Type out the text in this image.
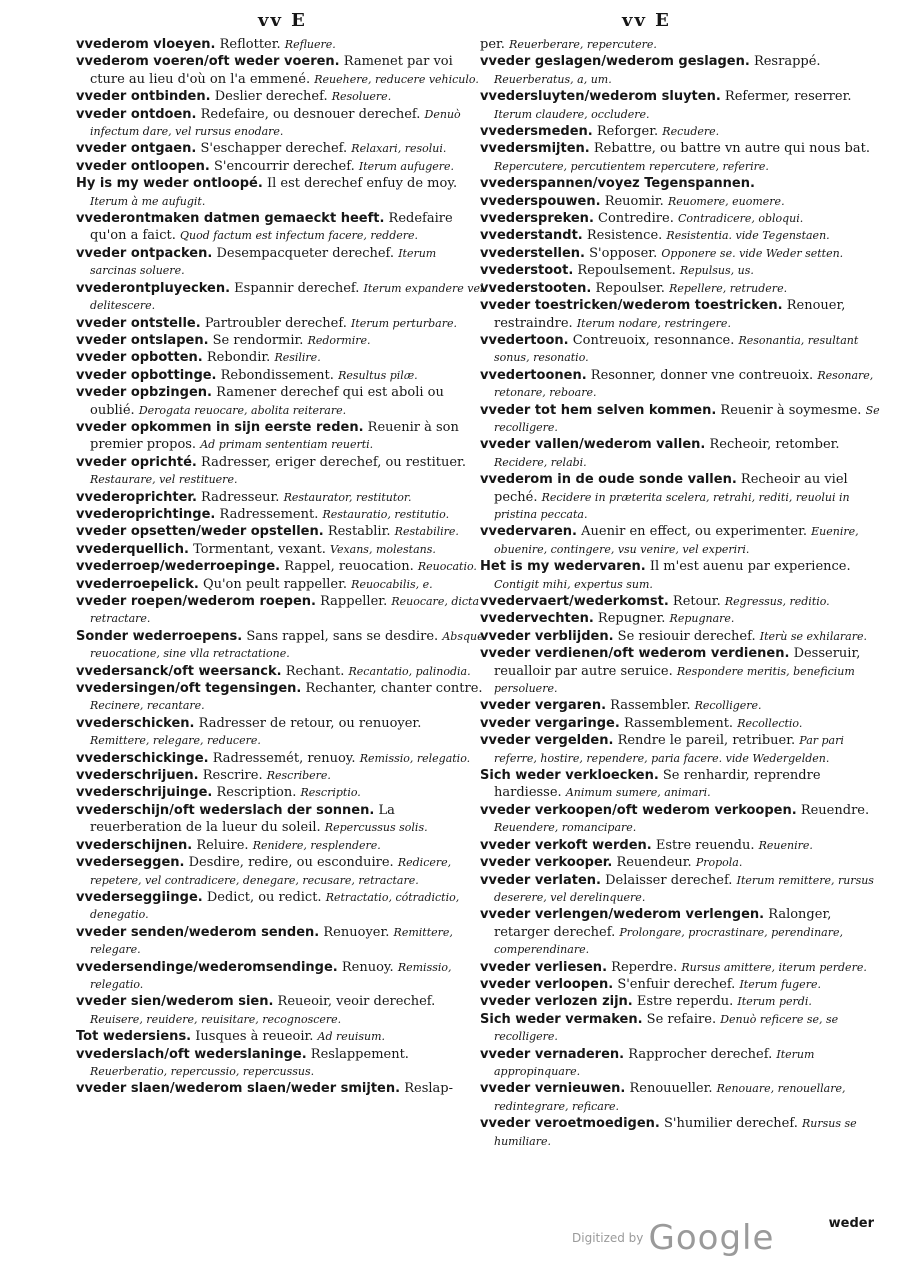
vv E	vv E

vvederom vloeyen. Reflotter. Refluere.

vvederom voeren/oft weder voeren. Ramenet par voi cture au lieu d'où on l'a emmené. Reuehere, reducere vehiculo.

vveder ontbinden. Deslier derechef. Resoluere.

vveder ontdoen. Redefaire, ou desnouer derechef. Denuò infectum dare, vel rursus enodare.

vveder ontgaen. S'eschapper derechef. Relaxari, resolui.

vveder ontloopen. S'encourrir derechef. Iterum aufugere.

Hy is my weder ontloopé. Il est derechef enfuy de moy. Iterum à me aufugit.

vvederontmaken datmen gemaeckt heeft. Redefaire qu'on a faict. Quod factum est infectum facere, reddere.

vveder ontpacken. Desempacqueter derechef. Iterum sarcinas soluere.

vvederontpluyecken. Espannir derechef. Iterum expandere vel delitescere.

vveder ontstelle. Partroubler derechef. Iterum perturbare.

vveder ontslapen. Se rendormir. Redormire.

vveder opbotten. Rebondir. Resilire.

vveder opbottinge. Rebondissement. Resultus pilæ.

vveder opbzingen. Ramener derechef qui est aboli ou oublié. Derogata reuocare, abolita reiterare.

vveder opkommen in sijn eerste reden. Reuenir à son premier propos. Ad primam sententiam reuerti.

vveder oprichté. Radresser, eriger derechef, ou restituer. Restaurare, vel restituere.

vvederoprichter. Radresseur. Restaurator, restitutor.

vvederoprichtinge. Radressement. Restauratio, restitutio.

vveder opsetten/weder opstellen. Restablir. Restabilire.

vvederquellich. Tormentant, vexant. Vexans, molestans.

vvederroep/wederroepinge. Rappel, reuocation. Reuocatio.

vvederroepelick. Qu'on peult rappeller. Reuocabilis, e.

vveder roepen/wederom roepen. Rappeller. Reuocare, dicta retractare.

Sonder wederroepens. Sans rappel, sans se desdire. Absque reuocatione, sine vlla retractatione.

vvedersanck/oft weersanck. Rechant. Recantatio, palinodia.

vvedersingen/oft tegensingen. Rechanter, chanter contre. Recinere, recantare.

vvederschicken. Radresser de retour, ou renuoyer. Remittere, relegare, reducere.

vvederschickinge. Radressemét, renuoy. Remissio, relegatio.

vvederschrijuen. Rescrire. Rescribere.

vvederschrijuinge. Rescription. Rescriptio.

vvederschijn/oft wederslach der sonnen. La reuerberation de la lueur du soleil. Repercussus solis.

vvederschijnen. Reluire. Renidere, resplendere.

vvederseggen. Desdire, redire, ou esconduire. Redicere, repetere, vel contradicere, denegare, recusare, retractare.

vvederseggiinge. Dedict, ou redict. Retractatio, cótradictio, denegatio.

vveder senden/wederom senden. Renuoyer. Remittere, relegare.

vvedersendinge/wederomsendinge. Renuoy. Remissio, relegatio.

vveder sien/wederom sien. Reueoir, veoir derechef. Reuisere, reuidere, reuisitare, recognoscere.

Tot wedersiens. Iusques à reueoir. Ad reuisum.

vvederslach/oft wederslaninge. Reslappement. Reuerberatio, repercussio, repercussus.

vveder slaen/wederom slaen/weder smijten. Reslap-

per. Reuerberare, repercutere.

vveder geslagen/wederom geslagen. Resrappé. Reuerberatus, a, um.

vvedersluyten/wederom sluyten. Refermer, reserrer. Iterum claudere, occludere.

vvedersmeden. Reforger. Recudere.

vvedersmijten. Rebattre, ou battre vn autre qui nous bat. Repercutere, percutientem repercutere, referire.

vvederspannen/voyez Tegenspannen.

vvederspouwen. Reuomir. Reuomere, euomere.

vvederspreken. Contredire. Contradicere, obloqui.

vvederstandt. Resistence. Resistentia. vide Tegenstaen.

vvederstellen. S'opposer. Opponere se. vide Weder setten.

vvederstoot. Repoulsement. Repulsus, us.

vvederstooten. Repoulser. Repellere, retrudere.

vveder toestricken/wederom toestricken. Renouer, restraindre. Iterum nodare, restringere.

vvedertoon. Contreuoix, resonnance. Resonantia, resultant sonus, resonatio.

vvedertoonen. Resonner, donner vne contreuoix. Resonare, retonare, reboare.

vveder tot hem selven kommen. Reuenir à soymesme. Se recolligere.

vveder vallen/wederom vallen. Recheoir, retomber. Recidere, relabi.

vvederom in de oude sonde vallen. Recheoir au viel peché. Recidere in præterita scelera, retrahi, rediti, reuolui in pristina peccata.

vvedervaren. Auenir en effect, ou experimenter. Euenire, obuenire, contingere, vsu venire, vel experiri.

Het is my wedervaren. Il m'est auenu par experience. Contigit mihi, expertus sum.

vvedervaert/wederkomst. Retour. Regressus, reditio.

vvedervechten. Repugner. Repugnare.

vveder verblijden. Se resiouir derechef. Iterù se exhilarare.

vveder verdienen/oft wederom verdienen. Desseruir, reualloir par autre seruice. Respondere meritis, beneficium persoluere.

vveder vergaren. Rassembler. Recolligere.

vveder vergaringe. Rassemblement. Recollectio.

vveder vergelden. Rendre le pareil, retribuer. Par pari referre, hostire, rependere, paria facere. vide Wedergelden.

Sich weder verkloecken. Se renhardir, reprendre hardiesse. Animum sumere, animari.

vveder verkoopen/oft wederom verkoopen. Reuendre. Reuendere, romancipare.

vveder verkoft werden. Estre reuendu. Reuenire.

vveder verkooper. Reuendeur. Propola.

vveder verlaten. Delaisser derechef. Iterum remittere, rursus deserere, vel derelinquere.

vveder verlengen/wederom verlengen. Ralonger, retarger derechef. Prolongare, procrastinare, perendinare, comperendinare.

vveder verliesen. Reperdre. Rursus amittere, iterum perdere.

vveder verloopen. S'enfuir derechef. Iterum fugere.

vveder verlozen zijn. Estre reperdu. Iterum perdi.

Sich weder vermaken. Se refaire. Denuò reficere se, se recolligere.

vveder vernaderen. Rapprocher derechef. Iterum appropinquare.

vveder vernieuwen. Renouueller. Renouare, renouellare, redintegrare, reficare.

vveder veroetmoedigen. S'humilier derechef. Rursus se humiliare.

weder
Digitized by Google
